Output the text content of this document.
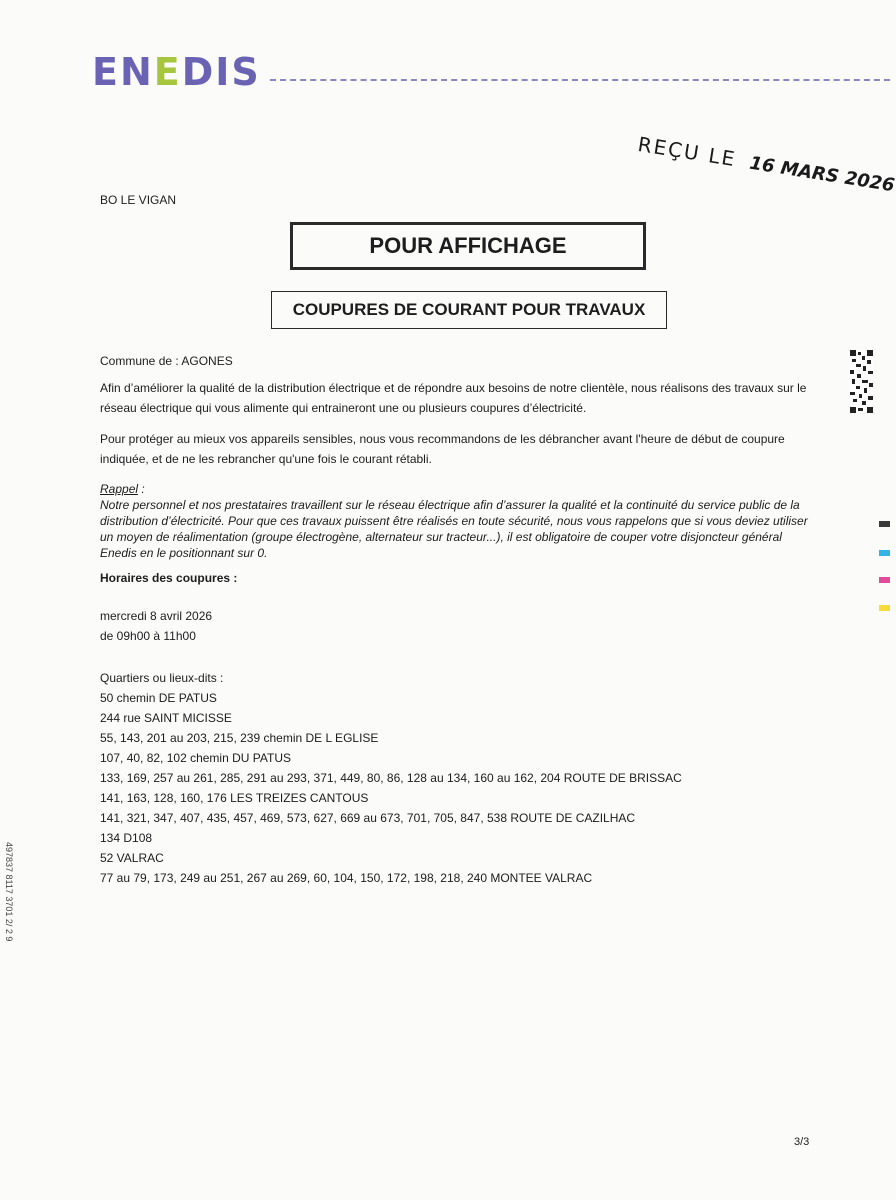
ENEDIS
REÇU LE16 MARS 2026
BO LE VIGAN
POUR AFFICHAGE
COUPURES DE COURANT POUR TRAVAUX
Commune de : AGONES
Afin d’améliorer la qualité de la distribution électrique et de répondre aux besoins de notre clientèle, nous réalisons des travaux sur le réseau électrique qui vous alimente qui entraineront une ou plusieurs coupures d’électricité.
Pour protéger au mieux vos appareils sensibles, nous vous recommandons de les débrancher avant l'heure de début de coupure indiquée, et de ne les rebrancher qu'une fois le courant rétabli.
Rappel :
Notre personnel et nos prestataires travaillent sur le réseau électrique afin d’assurer la qualité et la continuité du service public de la distribution d’électricité. Pour que ces travaux puissent être réalisés en toute sécurité, nous vous rappelons que si vous deviez utiliser un moyen de réalimentation (groupe électrogène, alternateur sur tracteur...), il est obligatoire de couper votre disjoncteur général Enedis en le positionnant sur 0.
Horaires des coupures :
mercredi 8 avril 2026
de 09h00 à 11h00
Quartiers ou lieux-dits :
50 chemin DE PATUS
244 rue SAINT MICISSE
55, 143, 201 au 203, 215, 239 chemin DE L EGLISE
107, 40, 82, 102 chemin DU PATUS
133, 169, 257 au 261, 285, 291 au 293, 371, 449, 80, 86, 128 au 134, 160 au 162, 204 ROUTE DE BRISSAC
141, 163, 128, 160, 176 LES TREIZES CANTOUS
141, 321, 347, 407, 435, 457, 469, 573, 627, 669 au 673, 701, 705, 847, 538 ROUTE DE CAZILHAC
134 D108
52 VALRAC
77 au 79, 173, 249 au 251, 267 au 269, 60, 104, 150, 172, 198, 218, 240 MONTEE VALRAC
497837 8117 3701 2/ 2 9
3/3
